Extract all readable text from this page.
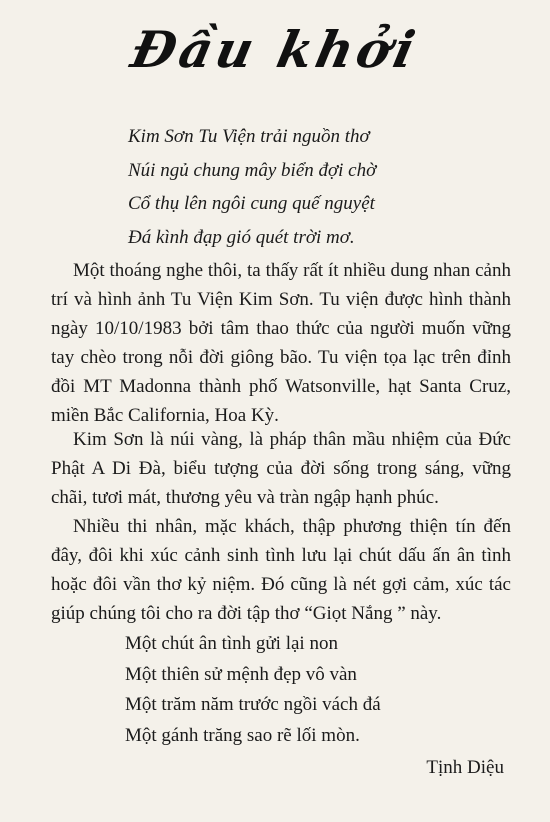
Đầu khởi
Kim Sơn Tu Viện trải nguồn thơ
Núi ngủ chung mây biển đợi chờ
Cổ thụ lên ngôi cung quế nguyệt
Đá kình đạp gió quét trời mơ.

Một thoáng nghe thôi, ta thấy rất ít nhiều dung nhan cảnh trí và hình ảnh Tu Viện Kim Sơn. Tu viện được hình thành ngày 10/10/1983 bởi tâm thao thức của người muốn vững tay chèo trong nỗi đời giông bão. Tu viện tọa lạc trên đỉnh đồi MT Madonna thành phố Watsonville, hạt Santa Cruz, miền Bắc California, Hoa Kỳ.

Kim Sơn là núi vàng, là pháp thân mầu nhiệm của Đức Phật A Di Đà, biểu tượng của đời sống trong sáng, vững chãi, tươi mát, thương yêu và tràn ngập hạnh phúc.

Nhiều thi nhân, mặc khách, thập phương thiện tín đến đây, đôi khi xúc cảnh sinh tình lưu lại chút dấu ấn ân tình hoặc đôi vần thơ kỷ niệm. Đó cũng là nét gợi cảm, xúc tác giúp chúng tôi cho ra đời tập thơ “Giọt Nắng ” này.

Một chút ân tình gửi lại non
Một thiên sử mệnh đẹp vô vàn
Một trăm năm trước ngồi vách đá
Một gánh trăng sao rẽ lối mòn.
Tịnh Diệu
